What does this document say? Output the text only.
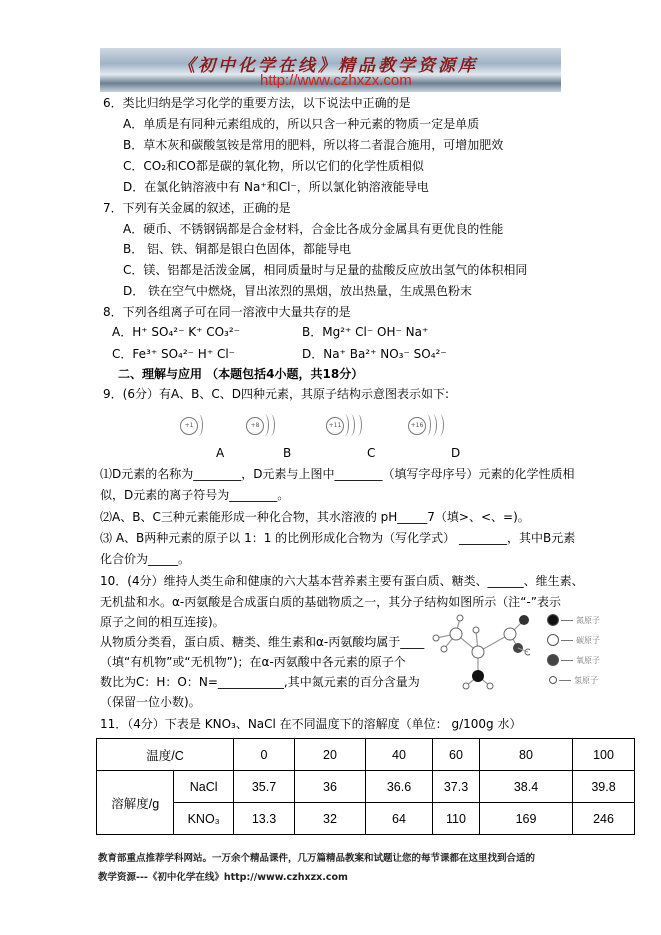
《初中化学在线》精品教学资源库
http://www.czhxzx.com
6．类比归纳是学习化学的重要方法，以下说法中正确的是
A．单质是有同种元素组成的，所以只含一种元素的物质一定是单质
B．草木灰和碳酸氢铵是常用的肥料，所以将二者混合施用，可增加肥效
C．CO₂和CO都是碳的氧化物，所以它们的化学性质相似
D．在氯化钠溶液中有 Na⁺和Cl⁻，所以氯化钠溶液能导电
7．下列有关金属的叙述，正确的是
A．硬币、不锈钢锅都是合金材料，合金比各成分金属具有更优良的性能
B． 铝、铁、铜都是银白色固体，都能导电
C．镁、铝都是活泼金属，相同质量时与足量的盐酸反应放出氢气的体积相同
D． 铁在空气中燃烧，冒出浓烈的黑烟，放出热量，生成黑色粉末
8．下列各组离子可在同一溶液中大量共存的是
A．H⁺ SO₄²⁻ K⁺ CO₃²⁻	B．Mg²⁺ Cl⁻ OH⁻ Na⁺
C．Fe³⁺ SO₄²⁻ H⁺ Cl⁻	D．Na⁺ Ba²⁺ NO₃⁻ SO₄²⁻
二、理解与应用 （本题包括4小题，共18分）
9．(6分）有A、B、C、D四种元素，其原子结构示意图表示如下:
+1	+8	+11	+16
A	B	C	D
⑴D元素的名称为________，D元素与上图中________（填写字母序号）元素的化学性质相
似，D元素的离子符号为________。
⑵A、B、C三种元素能形成一种化合物，其水溶液的 pH_____7（填>、<、=)。
⑶ A、B两种元素的原子以 1：1 的比例形成化合物为（写化学式） ________，其中B元素
化合价为_____。
10．(4分）维持人类生命和健康的六大基本营养素主要有蛋白质、糖类、______、维生素、
无机盐和水。α-丙氨酸是合成蛋白质的基础物质之一，其分子结构如图所示（注“-”表示
原子之间的相互连接)。
从物质分类看，蛋白质、糖类、维生素和α-丙氨酸均属于____
（填“有机物”或“无机物”)；在α-丙氨酸中各元素的原子个
数比为C：H：O：N=___________,其中氮元素的百分含量为
（保留一位小数)。
氮原子
碳原子
氧原子
氢原子
11．（4分）下表是 KNO₃、NaCl 在不同温度下的溶解度（单位： g/100g 水）
温度/C		0	20	40	60	80	100
溶解度/g	NaCl	35.7	36	36.6	37.3	38.4	39.8
	KNO₃	13.3	32	64	110	169	246
教育部重点推荐学科网站。一万余个精品课件，几万篇精品教案和试题让您的每节课都在这里找到合适的
教学资源---《初中化学在线》http://www.czhxzx.com
